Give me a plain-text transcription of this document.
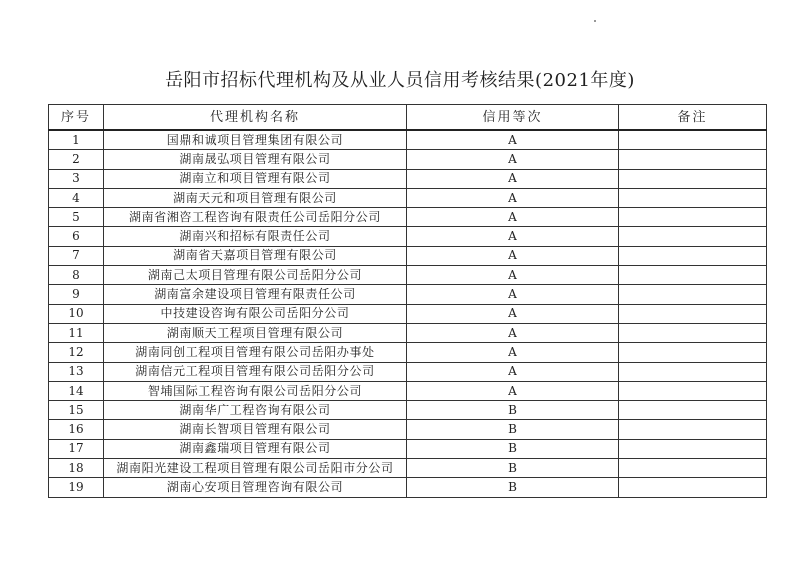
岳阳市招标代理机构及从业人员信用考核结果(2021年度)
序号	代理机构名称	信用等次	备注
1	国鼎和诚项目管理集团有限公司	A	
2	湖南晟弘项目管理有限公司	A	
3	湖南立和项目管理有限公司	A	
4	湖南天元和项目管理有限公司	A	
5	湖南省湘咨工程咨询有限责任公司岳阳分公司	A	
6	湖南兴和招标有限责任公司	A	
7	湖南省天嘉项目管理有限公司	A	
8	湖南己太项目管理有限公司岳阳分公司	A	
9	湖南富余建设项目管理有限责任公司	A	
10	中技建设咨询有限公司岳阳分公司	A	
11	湖南顺天工程项目管理有限公司	A	
12	湖南同创工程项目管理有限公司岳阳办事处	A	
13	湖南信元工程项目管理有限公司岳阳分公司	A	
14	智埔国际工程咨询有限公司岳阳分公司	A	
15	湖南华广工程咨询有限公司	B	
16	湖南长智项目管理有限公司	B	
17	湖南鑫瑞项目管理有限公司	B	
18	湖南阳光建设工程项目管理有限公司岳阳市分公司	B	
19	湖南心安项目管理咨询有限公司	B	
